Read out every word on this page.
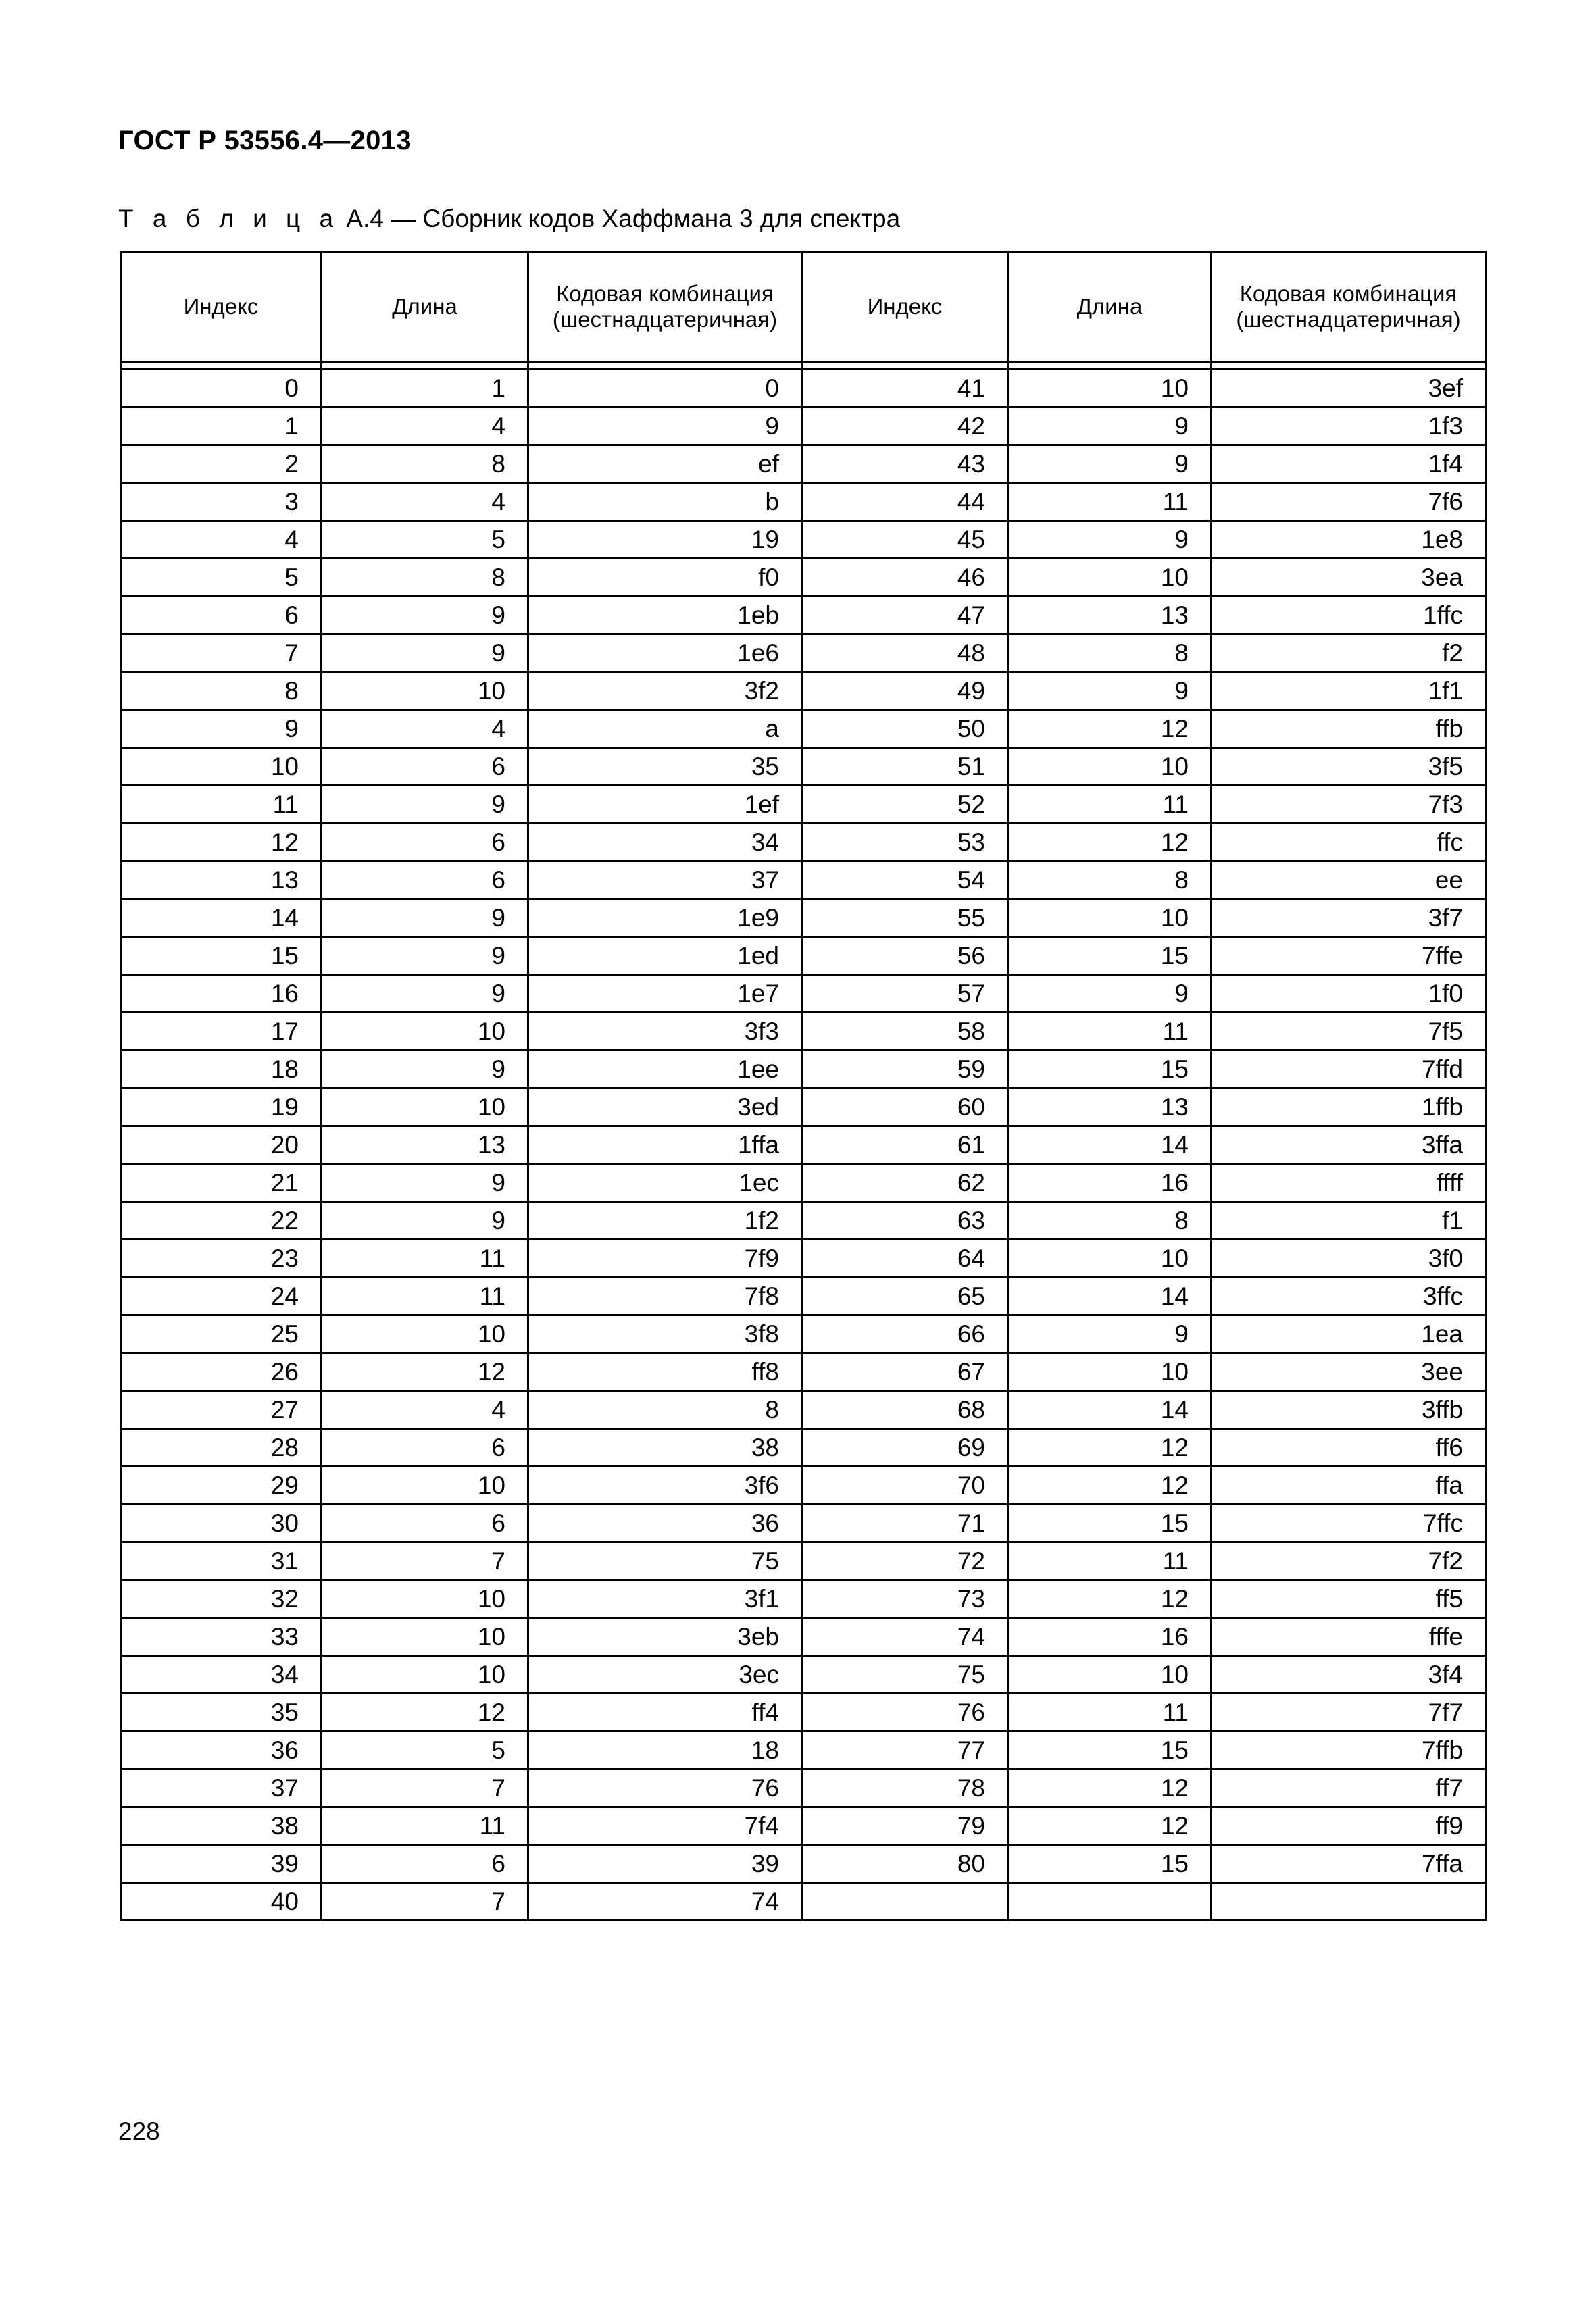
ГОСТ Р 53556.4—2013
Т а б л и ц а А.4 — Сборник кодов Хаффмана 3 для спектра
Индекс	Длина	Кодовая комбинация (шестнадцатеричная)	Индекс	Длина	Кодовая комбинация (шестнадцатеричная)

0	1	0	41	10	3ef
1	4	9	42	9	1f3
2	8	ef	43	9	1f4
3	4	b	44	11	7f6
4	5	19	45	9	1e8
5	8	f0	46	10	3ea
6	9	1eb	47	13	1ffc
7	9	1e6	48	8	f2
8	10	3f2	49	9	1f1
9	4	a	50	12	ffb
10	6	35	51	10	3f5
11	9	1ef	52	11	7f3
12	6	34	53	12	ffc
13	6	37	54	8	ee
14	9	1e9	55	10	3f7
15	9	1ed	56	15	7ffe
16	9	1e7	57	9	1f0
17	10	3f3	58	11	7f5
18	9	1ee	59	15	7ffd
19	10	3ed	60	13	1ffb
20	13	1ffa	61	14	3ffa
21	9	1ec	62	16	ffff
22	9	1f2	63	8	f1
23	11	7f9	64	10	3f0
24	11	7f8	65	14	3ffc
25	10	3f8	66	9	1ea
26	12	ff8	67	10	3ee
27	4	8	68	14	3ffb
28	6	38	69	12	ff6
29	10	3f6	70	12	ffa
30	6	36	71	15	7ffc
31	7	75	72	11	7f2
32	10	3f1	73	12	ff5
33	10	3eb	74	16	fffe
34	10	3ec	75	10	3f4
35	12	ff4	76	11	7f7
36	5	18	77	15	7ffb
37	7	76	78	12	ff7
38	11	7f4	79	12	ff9
39	6	39	80	15	7ffa
40	7	74			
228
